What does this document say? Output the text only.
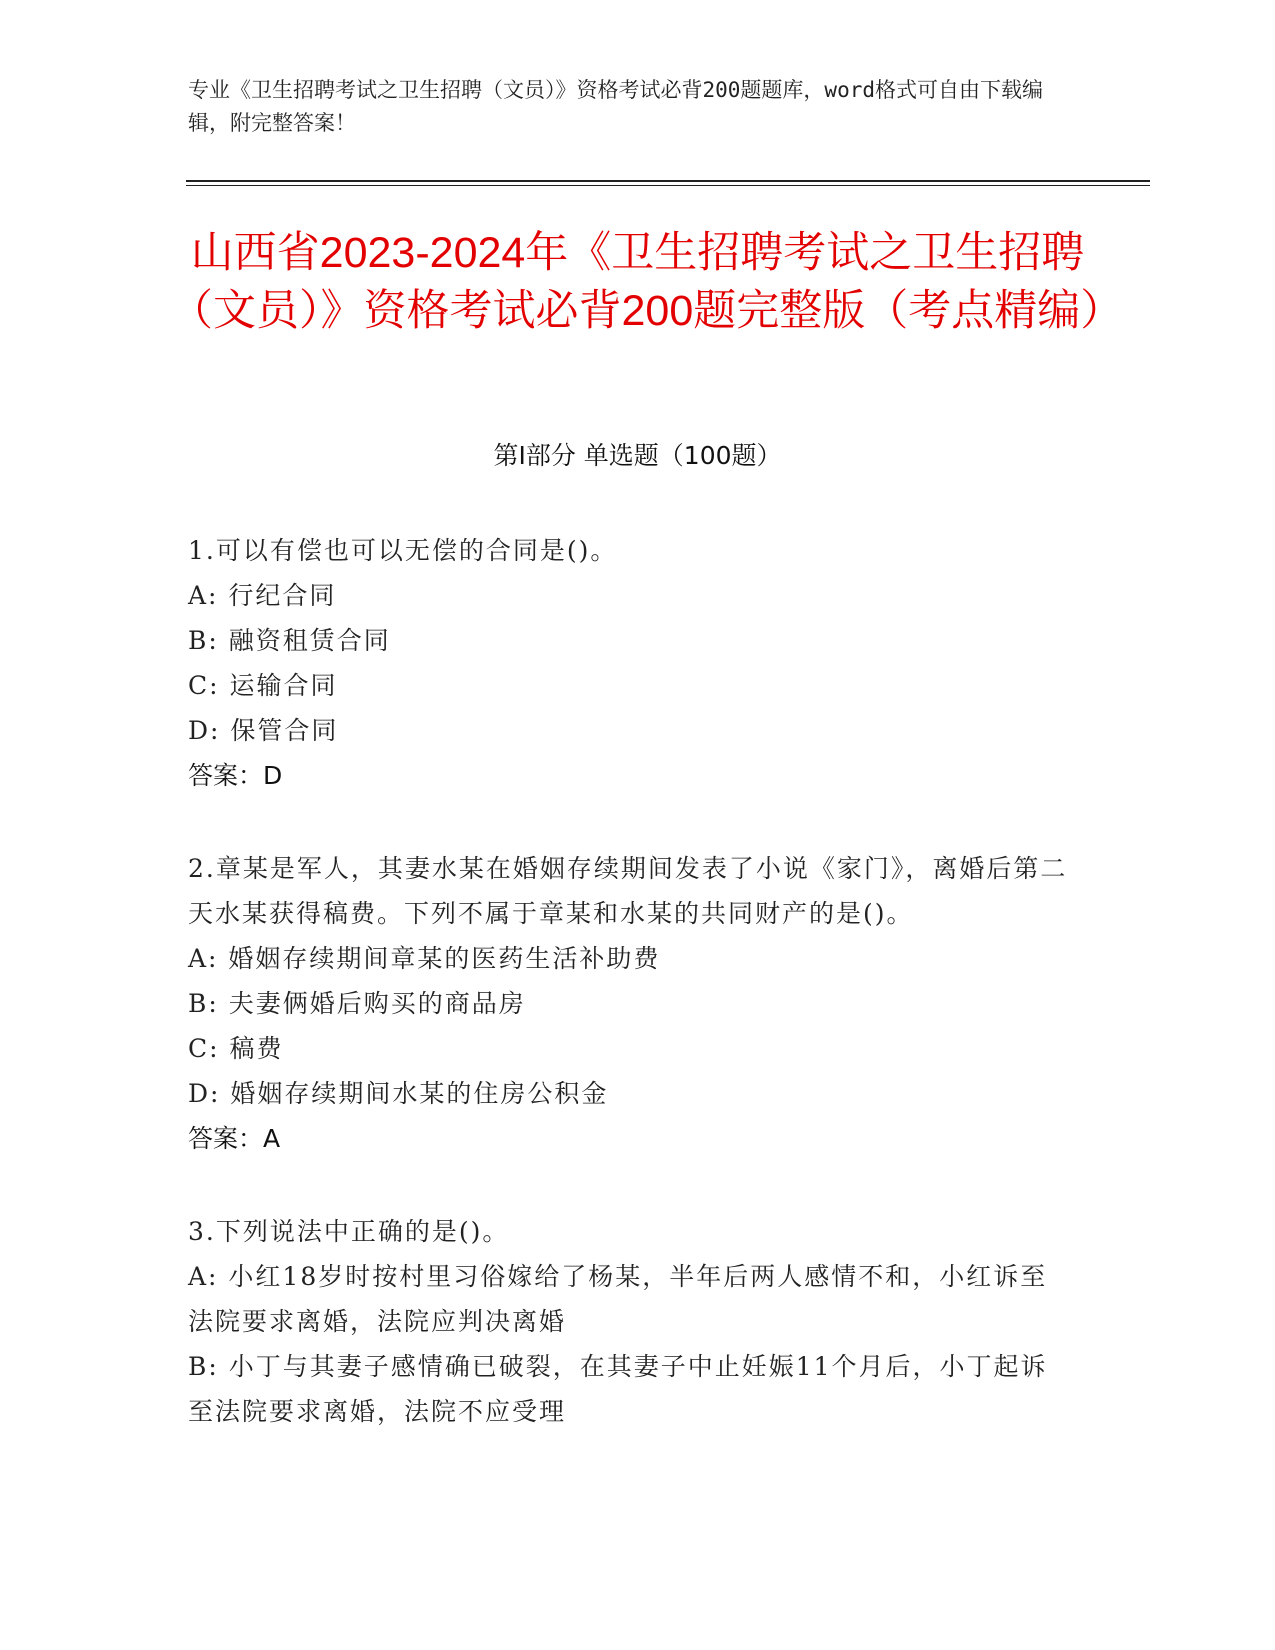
专业《卫生招聘考试之卫生招聘（文员）》资格考试必背200题题库，word格式可自由下载编辑，附完整答案！
山西省2023-2024年《卫生招聘考试之卫生招聘（文员）》资格考试必背200题完整版（考点精编）
第Ⅰ部分 单选题（100题）
1.可以有偿也可以无偿的合同是()。
A: 行纪合同
B: 融资租赁合同
C: 运输合同
D: 保管合同
答案：D
2.章某是军人，其妻水某在婚姻存续期间发表了小说《家门》，离婚后第二天水某获得稿费。下列不属于章某和水某的共同财产的是()。
A: 婚姻存续期间章某的医药生活补助费
B: 夫妻俩婚后购买的商品房
C: 稿费
D: 婚姻存续期间水某的住房公积金
答案：A
3.下列说法中正确的是()。
A: 小红18岁时按村里习俗嫁给了杨某，半年后两人感情不和，小红诉至法院要求离婚，法院应判决离婚
B: 小丁与其妻子感情确已破裂，在其妻子中止妊娠11个月后，小丁起诉至法院要求离婚，法院不应受理
